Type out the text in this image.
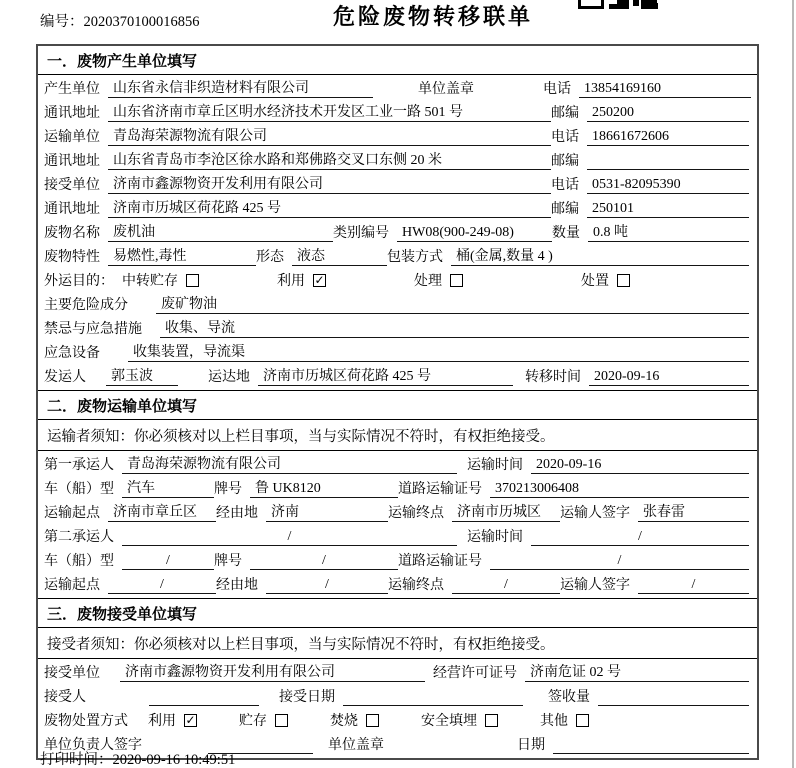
编号：2020370100016856	危险废物转移联单
一．废物产生单位填写
产生单位 山东省永信非织造材料有限公司	单位盖章	电话 13854169160
通讯地址 山东省济南市章丘区明水经济技术开发区工业一路 501 号	邮编 250200
运输单位 青岛海荣源物流有限公司	电话 18661672606
通讯地址 山东省青岛市李沧区徐水路和郑佛路交叉口东侧 20 米	邮编
接受单位 济南市鑫源物资开发利用有限公司	电话 0531-82095390
通讯地址 济南市历城区荷花路 425 号	邮编 250101
废物名称 废机油	类别编号 HW08(900-249-08)	数量 0.8 吨
废物特性 易燃性,毒性	形态 液态	包装方式 桶(金属,数量 4 )
外运目的： 中转贮存	利用 ✓	处理	处置
主要危险成分	废矿物油
禁忌与应急措施	收集、导流
应急设备	收集装置，导流渠
发运人	郭玉波	运达地 济南市历城区荷花路 425 号	转移时间 2020-09-16
二．废物运输单位填写
运输者须知：你必须核对以上栏目事项，当与实际情况不符时，有权拒绝接受。
第一承运人 青岛海荣源物流有限公司	运输时间 2020-09-16
车（船）型 汽车	牌号 鲁 UK8120	道路运输证号 370213006408
运输起点 济南市章丘区	经由地 济南	运输终点 济南市历城区	运输人签字 张春雷
第二承运人	/	运输时间	/
车（船）型	/	牌号	/	道路运输证号	/
运输起点	/	经由地	/	运输终点	/	运输人签字	/
三．废物接受单位填写
接受者须知：你必须核对以上栏目事项，当与实际情况不符时，有权拒绝接受。
接受单位	济南市鑫源物资开发利用有限公司	经营许可证号 济南危证 02 号
接受人	接受日期	签收量
废物处置方式 利用 ✓	贮存	焚烧	安全填埋	其他
单位负责人签字	单位盖章	日期
打印时间：2020-09-16 10:49:51
